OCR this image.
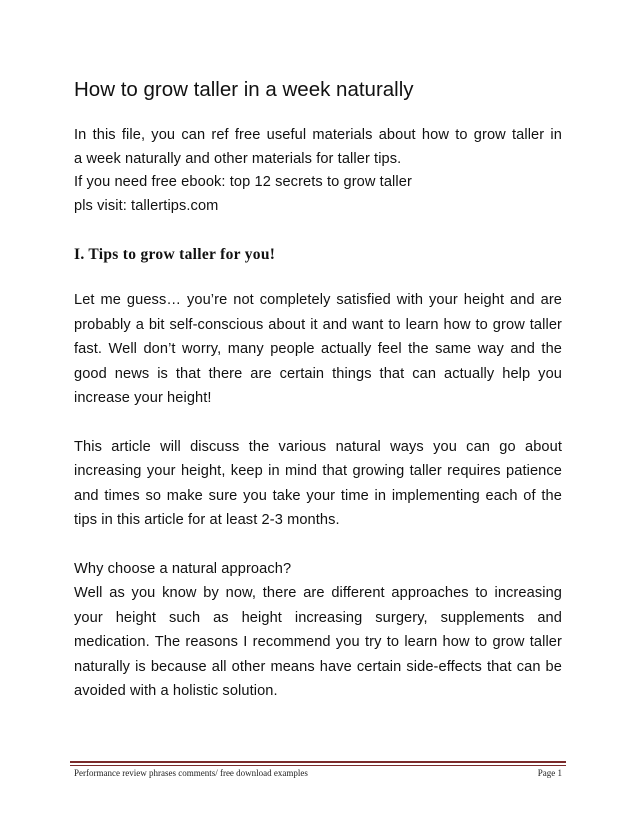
How to grow taller in a week naturally

In this file, you can ref free useful materials about how to grow taller in

a week naturally and other materials for taller tips.

If you need free ebook: top 12 secrets to grow taller

pls visit: tallertips.com

I. Tips to grow taller for you!

Let me guess… you’re not completely satisfied with your height and are probably a bit self-conscious about it and want to learn how to grow taller fast. Well don’t worry, many people actually feel the same way and the good news is that there are certain things that can actually help you increase your height!

This article will discuss the various natural ways you can go about increasing your height, keep in mind that growing taller requires patience and times so make sure you take your time in implementing each of the tips in this article for at least 2-3 months.

Why choose a natural approach?

Well as you know by now, there are different approaches to increasing your height such as height increasing surgery, supplements and medication. The reasons I recommend you try to learn how to grow taller naturally is because all other means have certain side-effects that can be avoided with a holistic solution.

Performance review phrases comments/ free download examples	Page 1
